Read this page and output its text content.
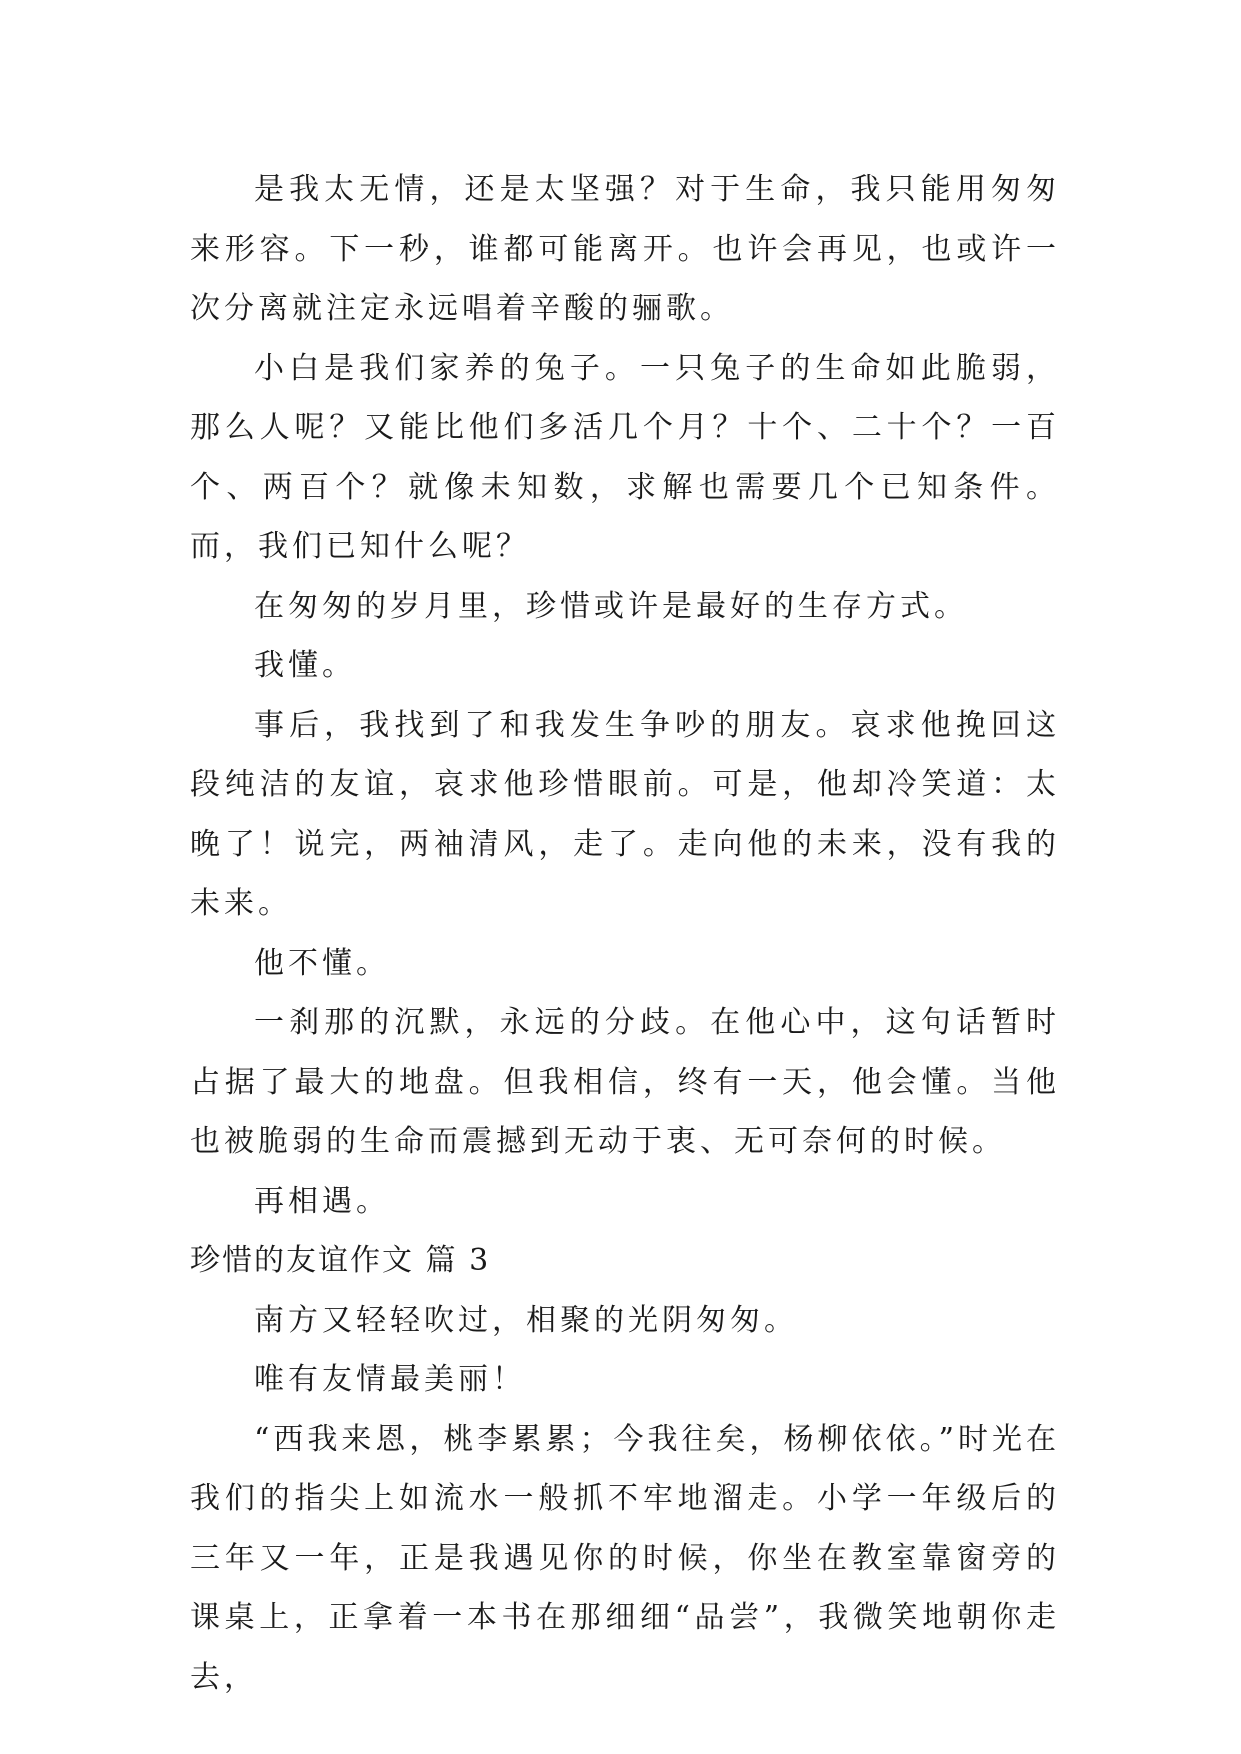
是我太无情，还是太坚强？对于生命，我只能用匆匆来形容。下一秒，谁都可能离开。也许会再见，也或许一次分离就注定永远唱着辛酸的骊歌。

小白是我们家养的兔子。一只兔子的生命如此脆弱，那么人呢？又能比他们多活几个月？十个、二十个？一百个、两百个？就像未知数，求解也需要几个已知条件。而，我们已知什么呢？

在匆匆的岁月里，珍惜或许是最好的生存方式。

我懂。

事后，我找到了和我发生争吵的朋友。哀求他挽回这段纯洁的友谊，哀求他珍惜眼前。可是，他却冷笑道：太晚了！说完，两袖清风，走了。走向他的未来，没有我的未来。

他不懂。

一刹那的沉默，永远的分歧。在他心中，这句话暂时占据了最大的地盘。但我相信，终有一天，他会懂。当他也被脆弱的生命而震撼到无动于衷、无可奈何的时候。

再相遇。

珍惜的友谊作文 篇 3

南方又轻轻吹过，相聚的光阴匆匆。

唯有友情最美丽！

“西我来恩，桃李累累；今我往矣，杨柳依依。”时光在我们的指尖上如流水一般抓不牢地溜走。小学一年级后的三年又一年，正是我遇见你的时候，你坐在教室靠窗旁的课桌上，正拿着一本书在那细细“品尝”，我微笑地朝你走去，
